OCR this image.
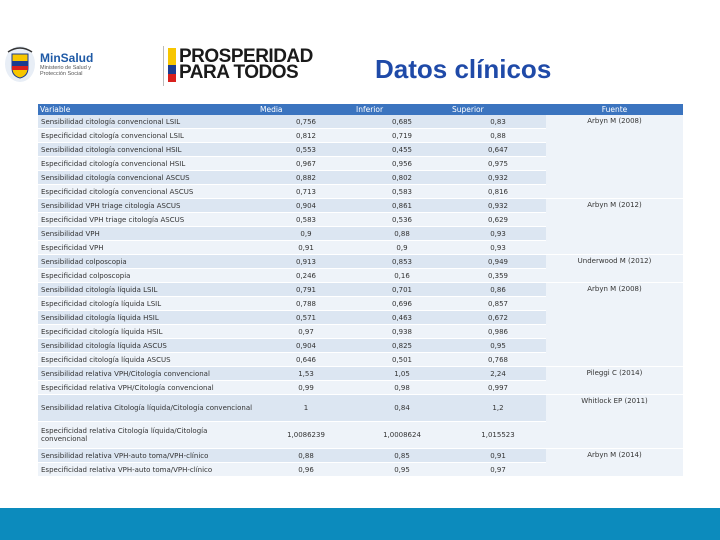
MinSalud
Ministerio de Salud y Protección Social
PROSPERIDAD
PARA TODOS	Datos clínicos
Variable	Media	Inferior	Superior	Fuente
Sensibilidad citología convencional LSIL	0,756	0,685	0,83	Arbyn M (2008)
Especificidad citología convencional LSIL	0,812	0,719	0,88	
Sensibilidad citología convencional HSIL	0,553	0,455	0,647	
Especificidad citología convencional HSIL	0,967	0,956	0,975	
Sensibilidad citología convencional ASCUS	0,882	0,802	0,932	
Especificidad citología convencional ASCUS	0,713	0,583	0,816	
Sensibilidad VPH triage citología ASCUS	0,904	0,861	0,932	Arbyn M (2012)
Especificidad VPH triage citología ASCUS	0,583	0,536	0,629	
Sensibilidad VPH	0,9	0,88	0,93	
Especificidad VPH	0,91	0,9	0,93	
Sensibilidad colposcopia	0,913	0,853	0,949	Underwood M (2012)
Especificidad colposcopia	0,246	0,16	0,359	
Sensibilidad citología líquida LSIL	0,791	0,701	0,86	Arbyn M (2008)
Especificidad citología líquida LSIL	0,788	0,696	0,857	
Sensibilidad citología líquida HSIL	0,571	0,463	0,672	
Especificidad citología líquida HSIL	0,97	0,938	0,986	
Sensibilidad citología líquida ASCUS	0,904	0,825	0,95	
Especificidad citología líquida ASCUS	0,646	0,501	0,768	
Sensibilidad relativa VPH/Citología convencional	1,53	1,05	2,24	Pileggi C (2014)
Especificidad relativa VPH/Citología convencional	0,99	0,98	0,997	
Sensibilidad relativa Citología líquida/Citología convencional	1	0,84	1,2	Whitlock EP (2011)
Especificidad relativa Citología líquida/Citología convencional	1,0086239	1,0008624	1,015523	
Sensibilidad relativa VPH-auto toma/VPH-clínico	0,88	0,85	0,91	Arbyn M (2014)
Especificidad relativa VPH-auto toma/VPH-clínico	0,96	0,95	0,97	
